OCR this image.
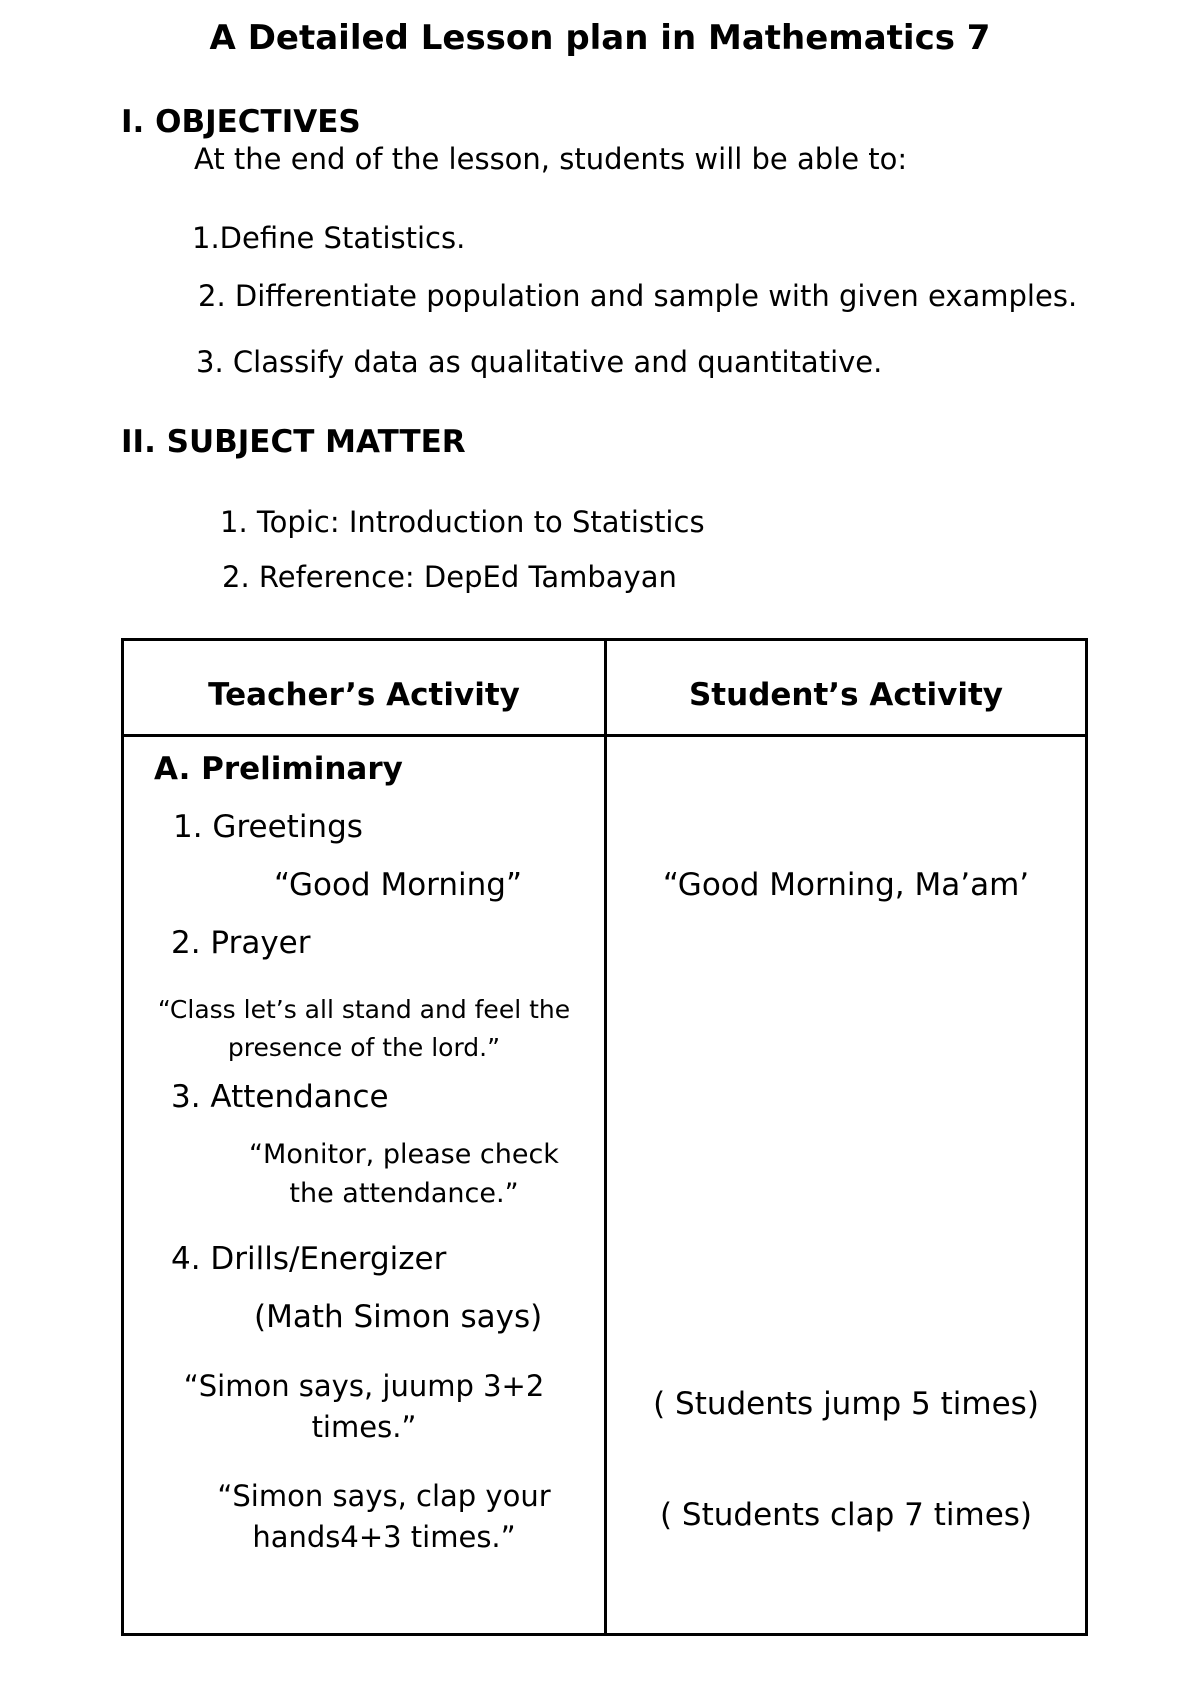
A Detailed Lesson plan in Mathematics 7
I. OBJECTIVES
At the end of the lesson, students will be able to:
1.Define Statistics.
2. Differentiate population and sample with given examples.
3. Classify data as qualitative and quantitative.
II. SUBJECT MATTER
1. Topic: Introduction to Statistics
2. Reference: DepEd Tambayan
Teacher’s Activity	Student’s Activity
A. Preliminary
1. Greetings
“Good Morning”	“Good Morning, Ma’am’
2. Prayer
“Class let’s all stand and feel the
presence of the lord.”
3. Attendance
“Monitor, please check
the attendance.”
4. Drills/Energizer
(Math Simon says)
“Simon says, juump 3+2
times.”
( Students jump 5 times)
“Simon says, clap your
hands4+3 times.”
( Students clap 7 times)
